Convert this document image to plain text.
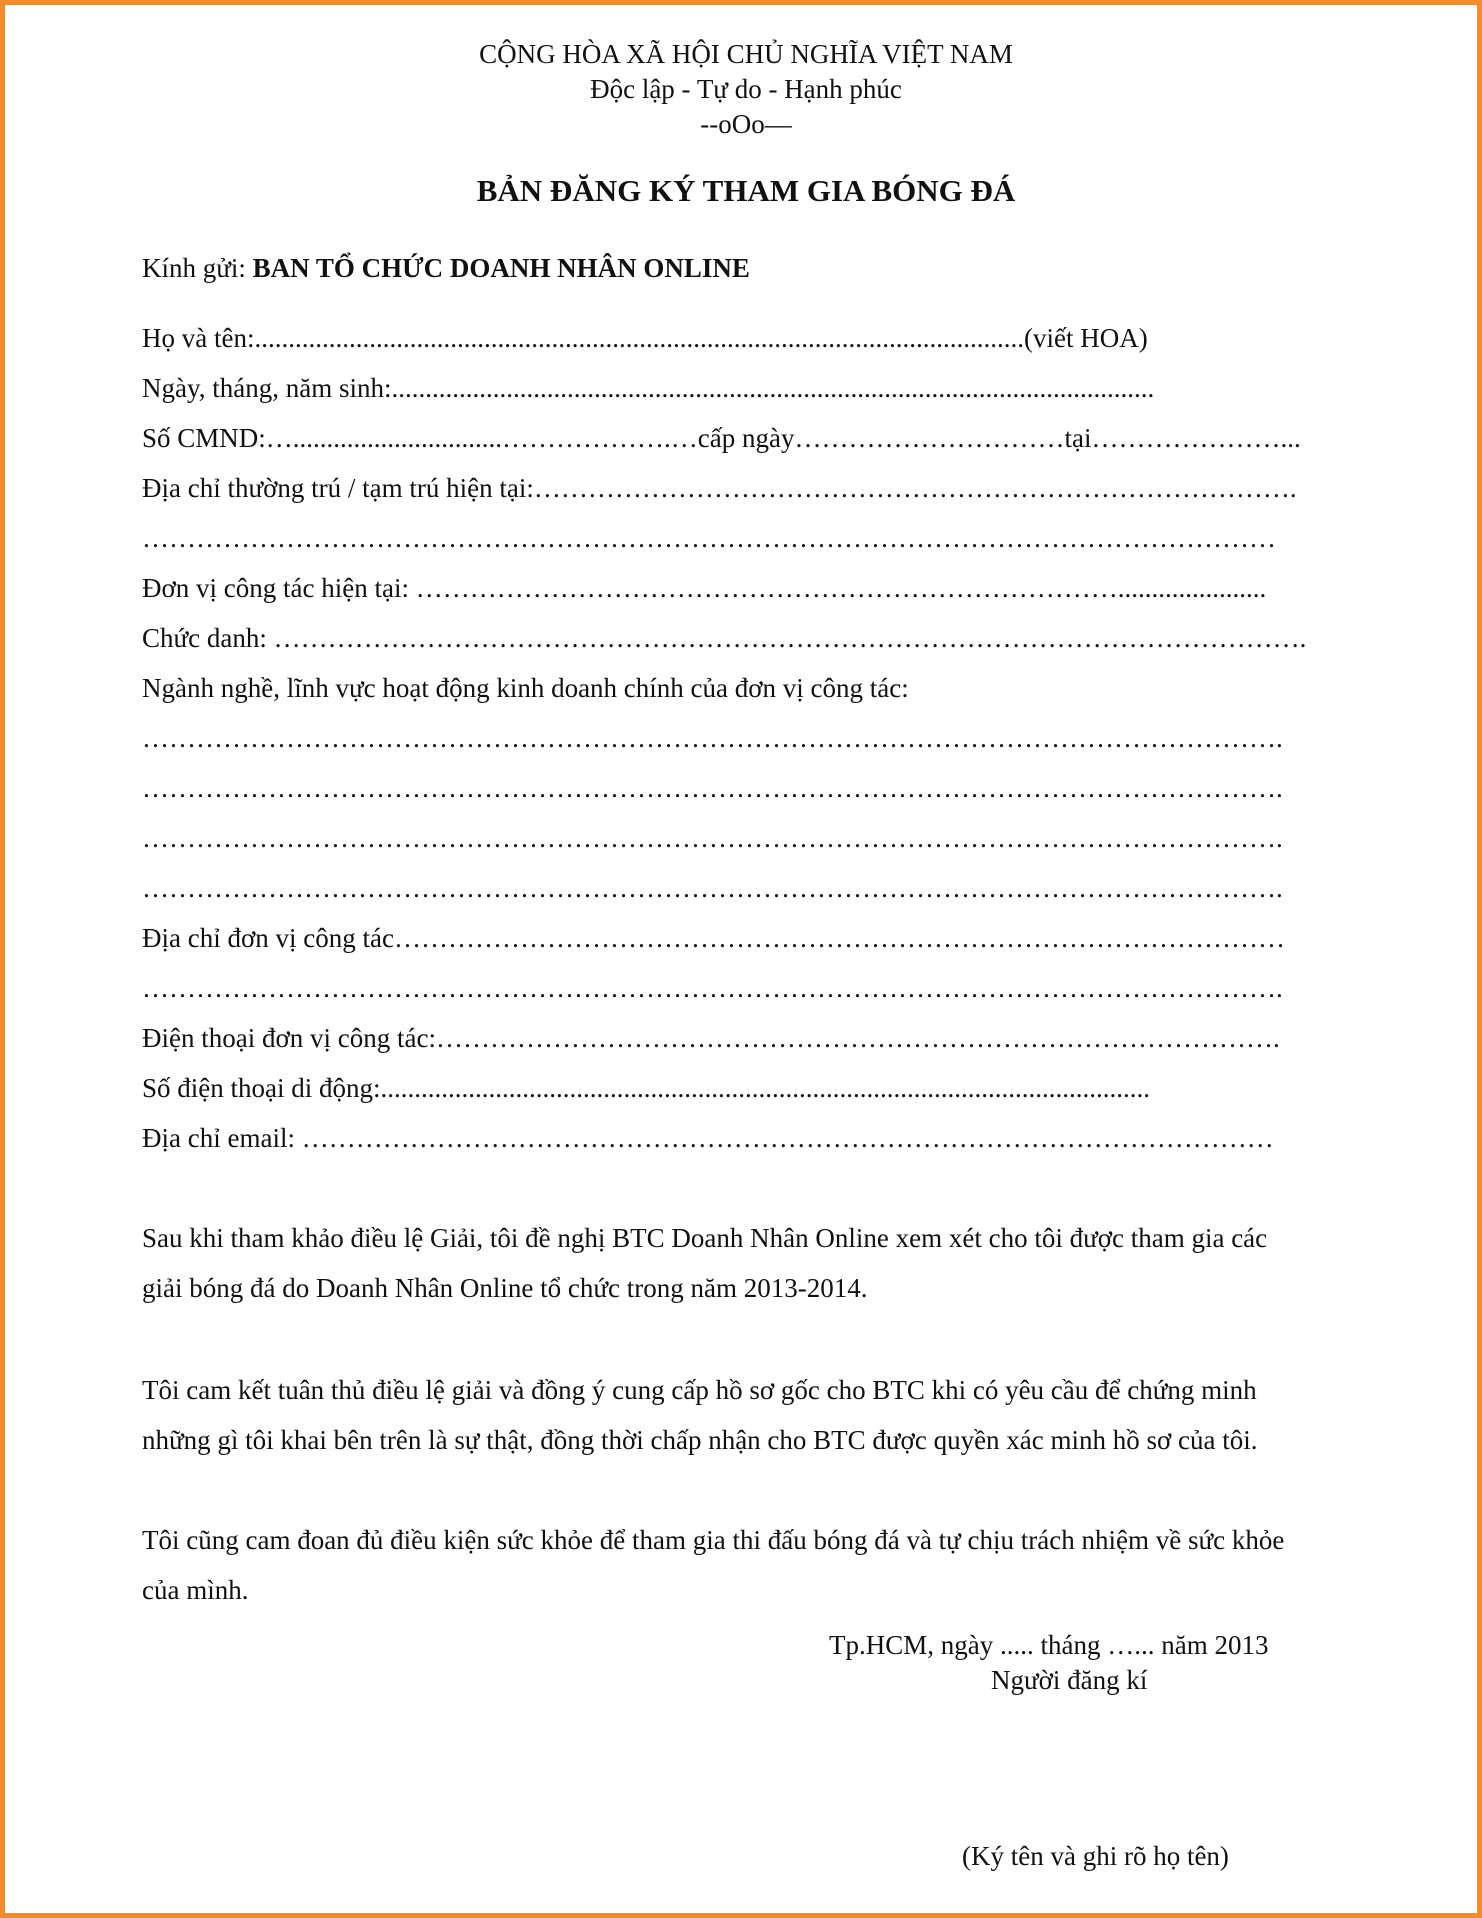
CỘNG HÒA XÃ HỘI CHỦ NGHĨA VIỆT NAM
Độc lập - Tự do - Hạnh phúc
--oOo—
BẢN ĐĂNG KÝ THAM GIA BÓNG ĐÁ
Kính gửi: BAN TỔ CHỨC DOANH NHÂN ONLINE
Họ và tên:..................................................................................................................(viết HOA)
Ngày, tháng, năm sinh:.................................................................................................................
Số CMND:…...............................……………….…cấp ngày…………………………tại…………………...
Địa chỉ thường trú / tạm trú hiện tại:………………………………………………………………………….
………………………………………………………………………………………………………………
Đơn vị công tác hiện tại: ……………………………………………………………………......................
Chức danh: …………………………………………………………………………………………………….
Ngành nghề, lĩnh vực hoạt động kinh doanh chính của đơn vị công tác:
……………………………………………………………………………………………………………….
……………………………………………………………………………………………………………….
……………………………………………………………………………………………………………….
……………………………………………………………………………………………………………….
Địa chỉ đơn vị công tác………………………………………………………………………………………
……………………………………………………………………………………………………………….
Điện thoại đơn vị công tác:………………………………………………………………………………….
Số điện thoại di động:..................................................................................................................
Địa chỉ email: ………………………………………………………………………………………………
Sau khi tham khảo điều lệ Giải, tôi đề nghị BTC Doanh Nhân Online xem xét cho tôi được tham gia các
giải bóng đá do Doanh Nhân Online tổ chức trong năm 2013-2014.
Tôi cam kết tuân thủ điều lệ giải và đồng ý cung cấp hồ sơ gốc cho BTC khi có yêu cầu để chứng minh
những gì tôi khai bên trên là sự thật, đồng thời chấp nhận cho BTC được quyền xác minh hồ sơ của tôi.
Tôi cũng cam đoan đủ điều kiện sức khỏe để tham gia thi đấu bóng đá và tự chịu trách nhiệm về sức khỏe
của mình.
Tp.HCM, ngày ..... tháng …... năm 2013
Người đăng kí
(Ký tên và ghi rõ họ tên)
